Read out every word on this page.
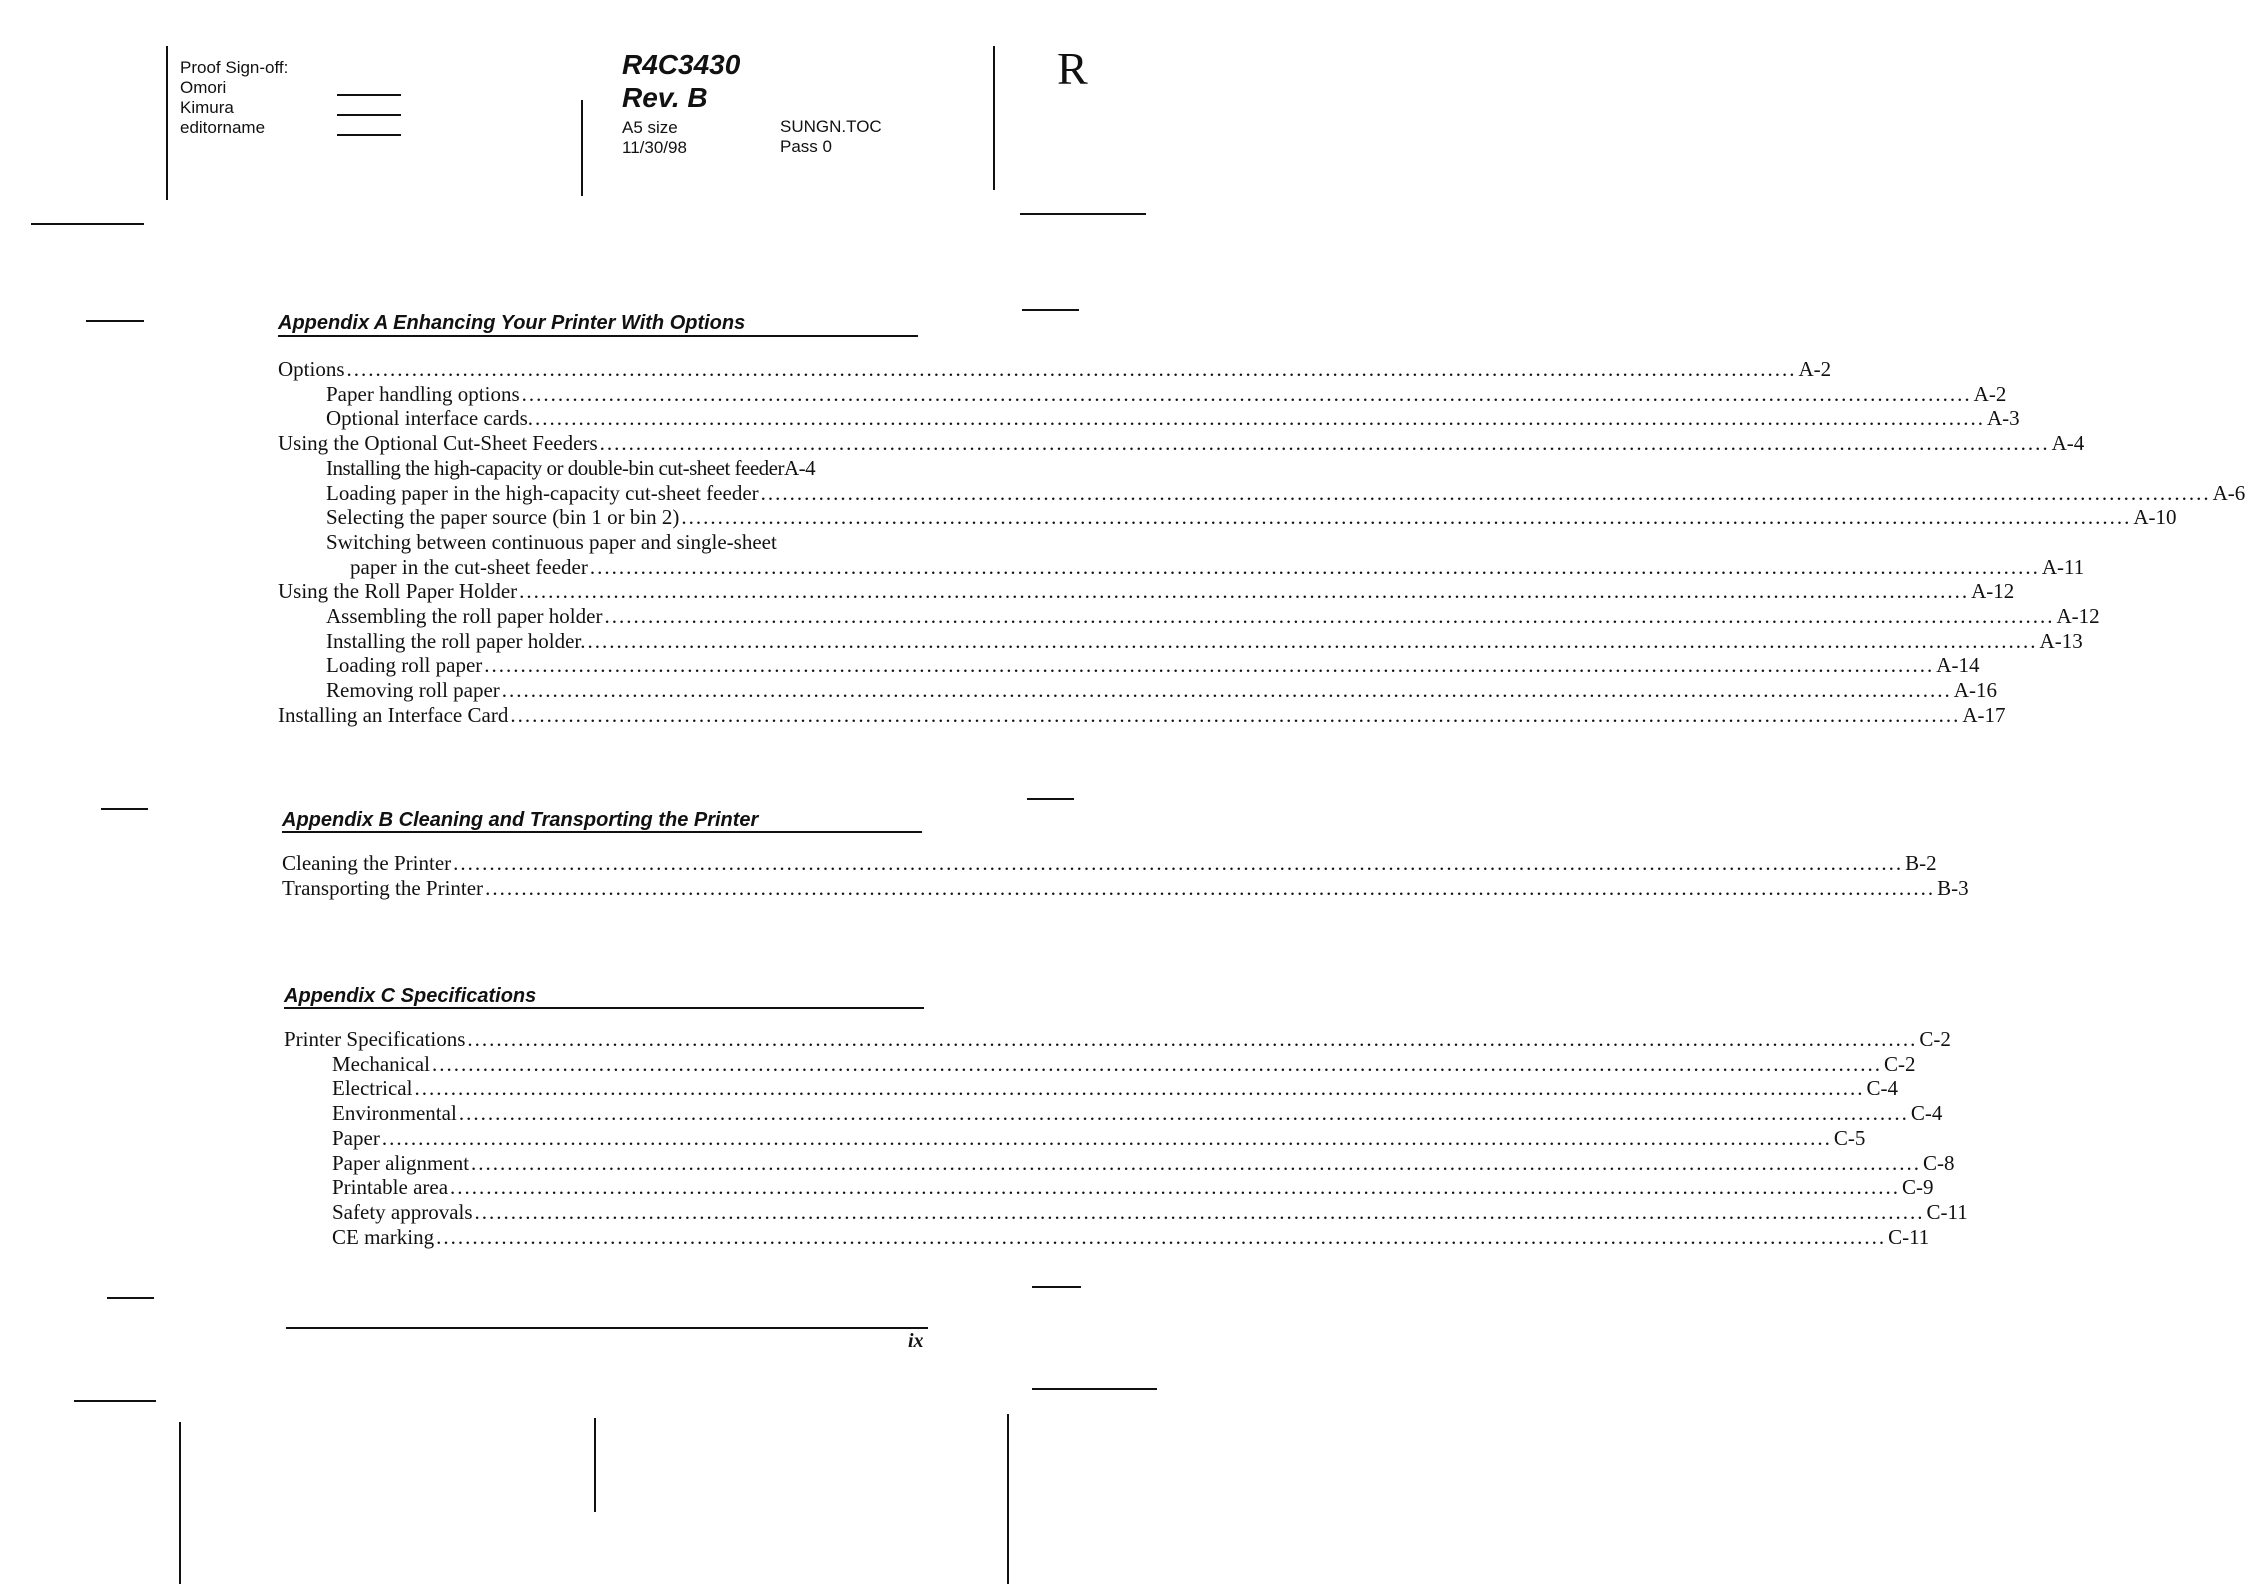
Proof Sign-off:
Omori
Kimura
editorname
R4C3430
Rev. B
A5 size
11/30/98
SUNGN.TOC
Pass 0
R
Appendix A Enhancing Your Printer With Options
Options ........................................................................................................................................................................................................ A-2
Paper handling options ........................................................................................................................................................................................................ A-2
Optional interface cards. ........................................................................................................................................................................................................ A-3
Using the Optional Cut-Sheet Feeders ........................................................................................................................................................................................................ A-4
Installing the high-capacity or double-bin cut-sheet feeder A-4
Loading paper in the high-capacity cut-sheet feeder ........................................................................................................................................................................................................ A-6
Selecting the paper source (bin 1 or bin 2) ........................................................................................................................................................................................................ A-10
Switching between continuous paper and single-sheet
paper in the cut-sheet feeder ........................................................................................................................................................................................................ A-11
Using the Roll Paper Holder ........................................................................................................................................................................................................ A-12
Assembling the roll paper holder ........................................................................................................................................................................................................ A-12
Installing the roll paper holder. ........................................................................................................................................................................................................ A-13
Loading roll paper ........................................................................................................................................................................................................ A-14
Removing roll paper ........................................................................................................................................................................................................ A-16
Installing an Interface Card ........................................................................................................................................................................................................ A-17
Appendix B Cleaning and Transporting the Printer
Cleaning the Printer ........................................................................................................................................................................................................ B-2
Transporting the Printer ........................................................................................................................................................................................................ B-3
Appendix C Specifications
Printer Specifications ........................................................................................................................................................................................................ C-2
Mechanical ........................................................................................................................................................................................................ C-2
Electrical ........................................................................................................................................................................................................ C-4
Environmental ........................................................................................................................................................................................................ C-4
Paper ........................................................................................................................................................................................................ C-5
Paper alignment ........................................................................................................................................................................................................ C-8
Printable area ........................................................................................................................................................................................................ C-9
Safety approvals ........................................................................................................................................................................................................ C-11
CE marking ........................................................................................................................................................................................................ C-11
ix
